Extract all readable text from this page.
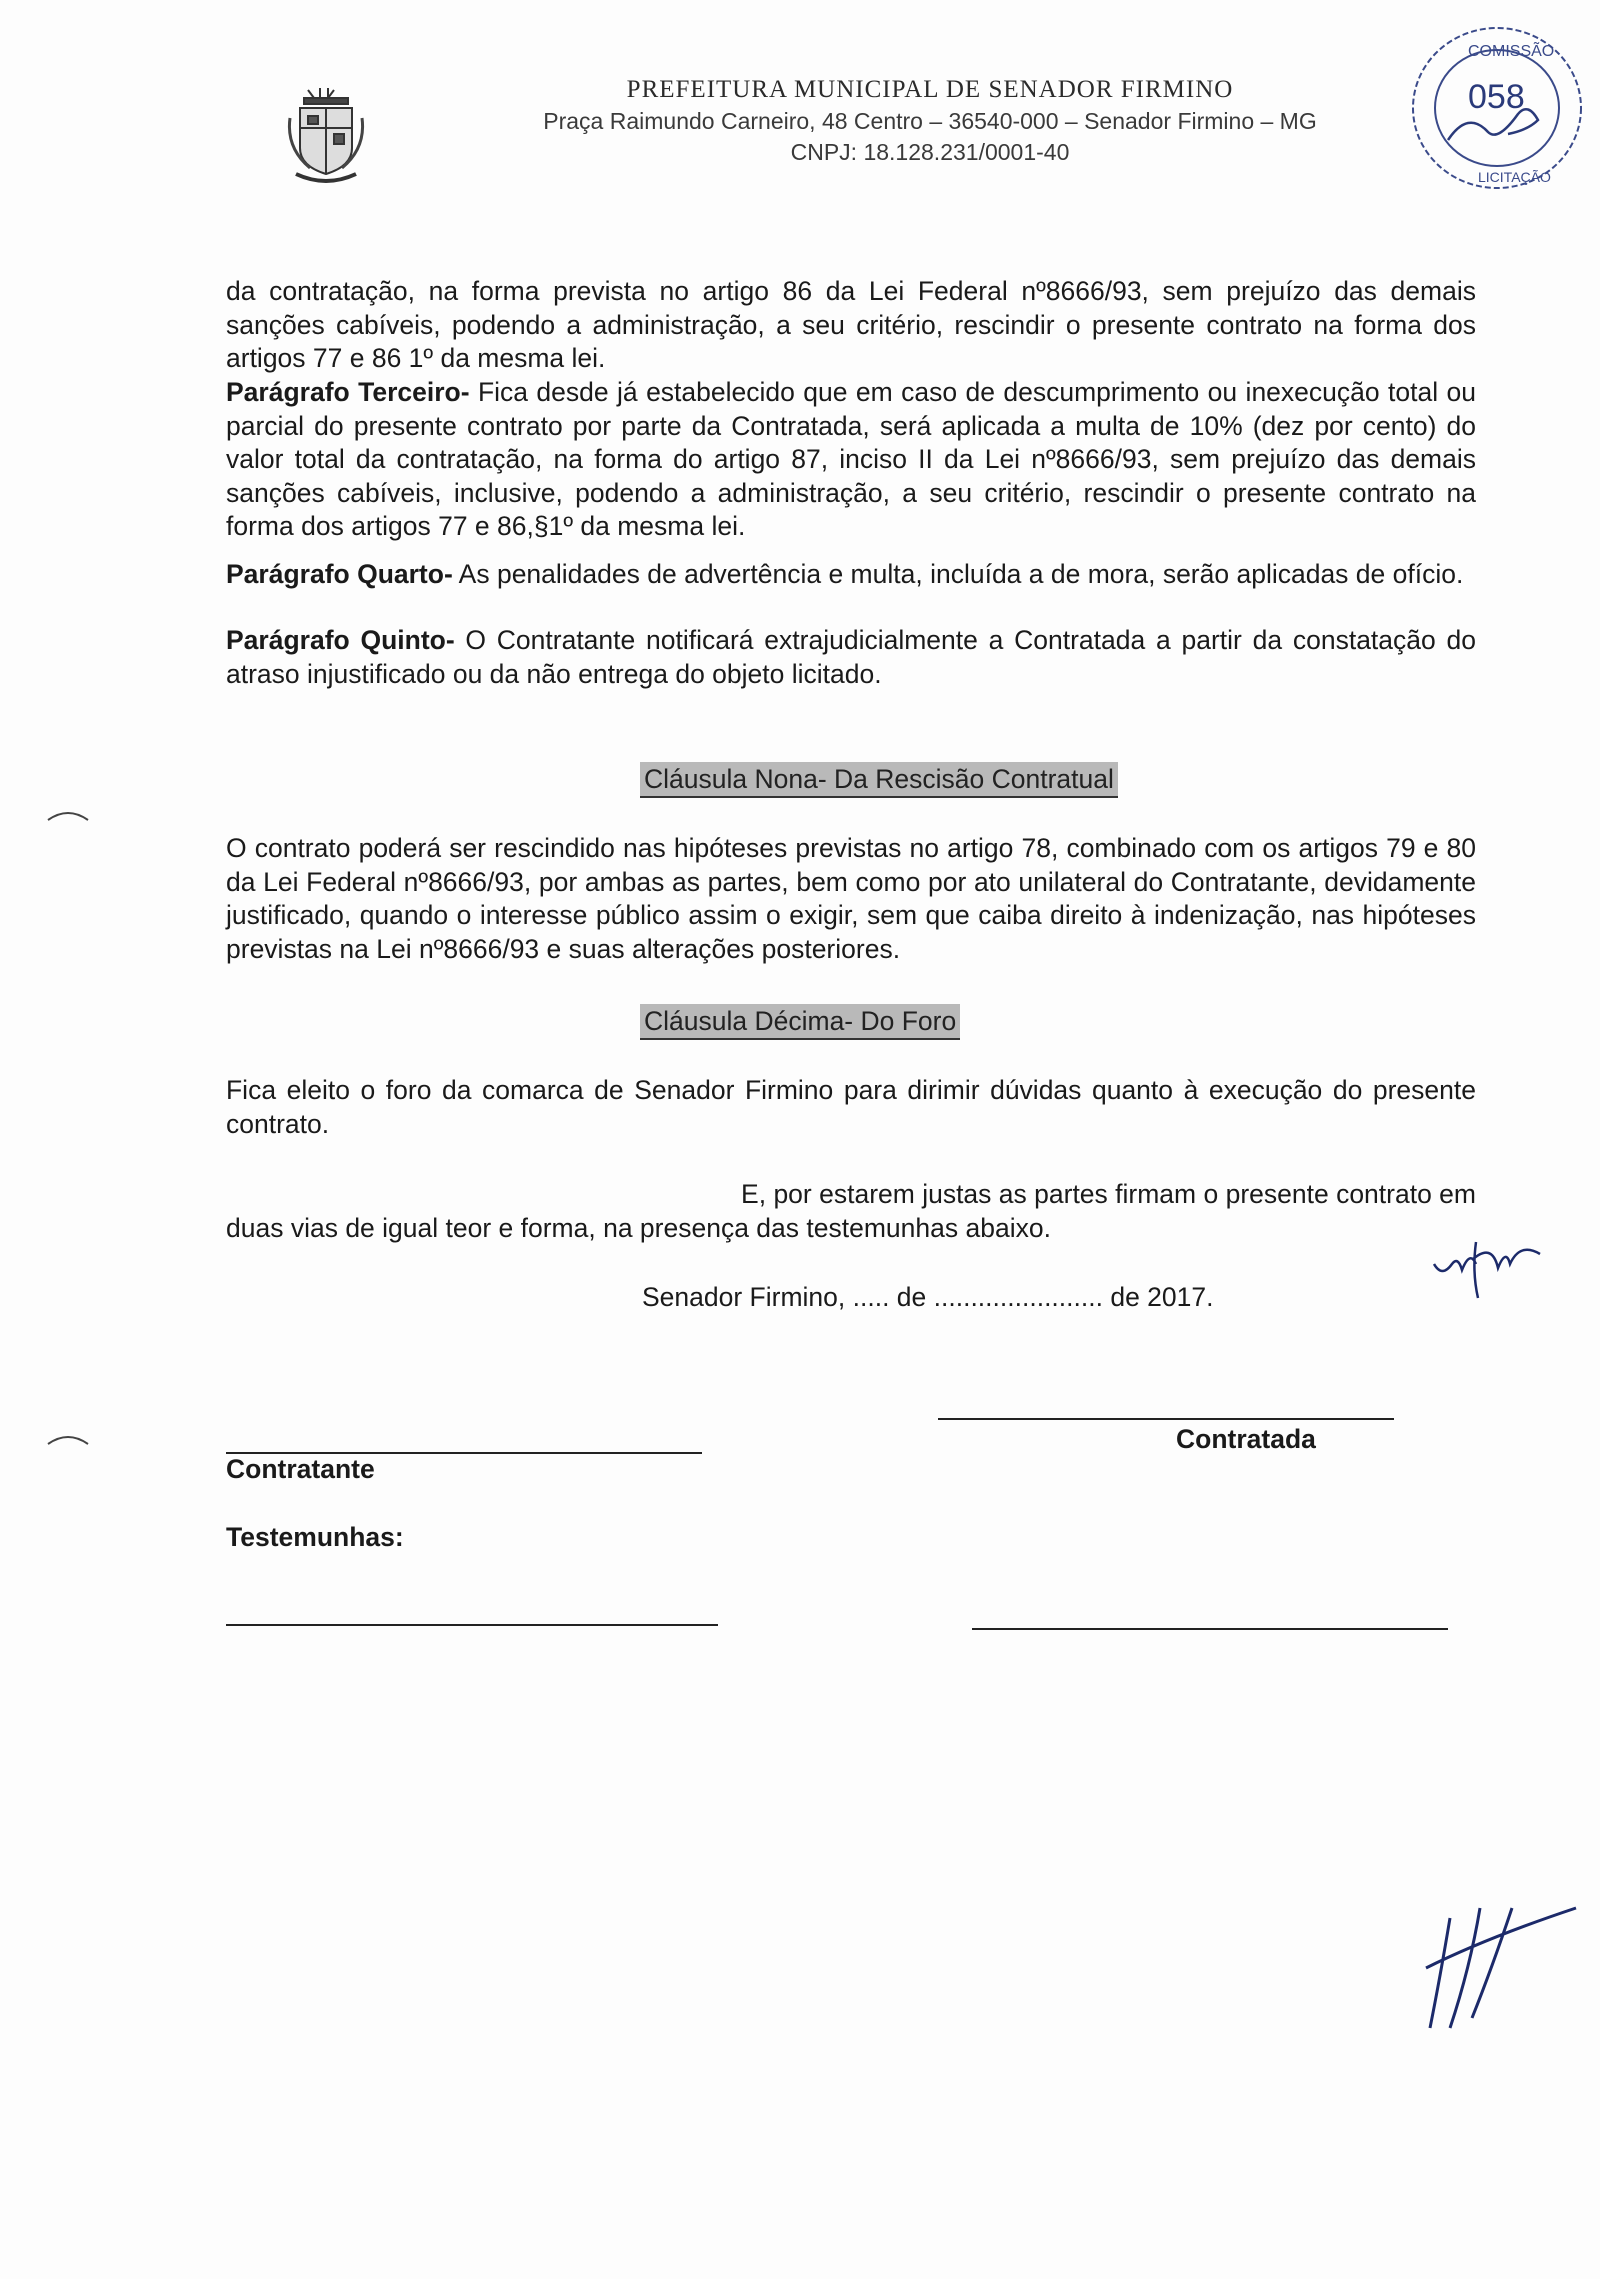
PREFEITURA MUNICIPAL DE SENADOR FIRMINO
Praça Raimundo Carneiro, 48 Centro – 36540-000 – Senador Firmino – MG
CNPJ: 18.128.231/0001-40
COMISSÃO
058
LICITAÇÃO

da contratação, na forma prevista no artigo 86 da Lei Federal nº8666/93, sem prejuízo das demais sanções cabíveis, podendo a administração, a seu critério, rescindir o presente contrato na forma dos artigos 77 e 86 1º da mesma lei.

Parágrafo Terceiro- Fica desde já estabelecido que em caso de descumprimento ou inexecução total ou parcial do presente contrato por parte da Contratada, será aplicada a multa de 10% (dez por cento) do valor total da contratação, na forma do artigo 87, inciso II da Lei nº8666/93, sem prejuízo das demais sanções cabíveis, inclusive, podendo a administração, a seu critério, rescindir o presente contrato na forma dos artigos 77 e 86,§1º da mesma lei.

Parágrafo Quarto- As penalidades de advertência e multa, incluída a de mora, serão aplicadas de ofício.

Parágrafo Quinto- O Contratante notificará extrajudicialmente a Contratada a partir da constatação do atraso injustificado ou da não entrega do objeto licitado.

Cláusula Nona- Da Rescisão Contratual

O contrato poderá ser rescindido nas hipóteses previstas no artigo 78, combinado com os artigos 79 e 80 da Lei Federal nº8666/93, por ambas as partes, bem como por ato unilateral do Contratante, devidamente justificado, quando o interesse público assim o exigir, sem que caiba direito à indenização, nas hipóteses previstas na Lei nº8666/93 e suas alterações posteriores.

Cláusula Décima- Do Foro

Fica eleito o foro da comarca de Senador Firmino para dirimir dúvidas quanto à execução do presente contrato.

E, por estarem justas as partes firmam o presente contrato em

duas vias de igual teor e forma, na presença das testemunhas abaixo.

Senador Firmino, ..... de ....................... de 2017.
Contratada
Contratante
Testemunhas:
